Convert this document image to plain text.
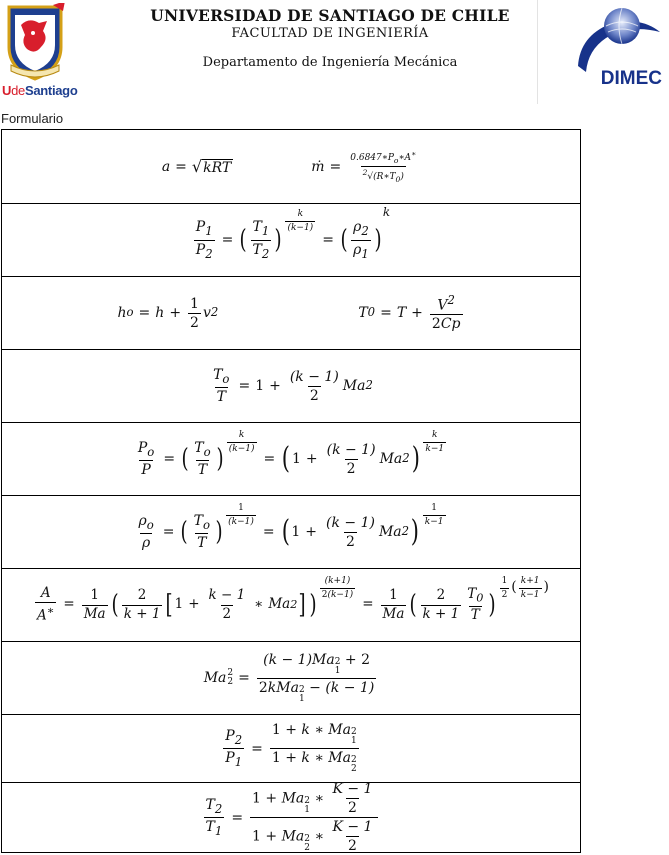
UdeSantiago
UNIVERSIDAD DE SANTIAGO DE CHILE
FACULTAD DE INGENIERÍA
Departamento de Ingeniería Mecánica
DIMEC
Formulario
a = √ kRT	ṁ = $\frac{0.6847∗P_o∗A^∗}{^2√(R∗T_0)}$
$\frac{P_1}{P_2}$ = ( $\frac{T_1}{T_2}$ )
$\frac{k}{(k-1)}$
= ( $\frac{\rho_2}{\rho_1}$ )
k
h $o = h + \frac{1}{2}$ v 2	T $0 = T + \frac{V^2}{2Cp}$
$\frac{T_o}{T} = 1 + \frac{(k - 1)}{2}$ Ma 2
$\frac{P_o}{P}$ = ( $\frac{T_o}{T}$ )
$\frac{k}{(k-1)}$
= ( $1 + \frac{(k - 1)}{2}$ Ma 2 ) $\frac{k}{k-1}$
$\frac{\rho_o}{\rho}$ = ( $\frac{T_o}{T}$ )
$\frac{1}{(k-1)}$
= ( $1 + \frac{(k - 1)}{2}$ Ma 2 ) $\frac{1}{k-1}$
$\frac{A}{A^∗} = \frac{1}{Ma}$ ( $\frac{2}{k + 1}$ [ $1 + \frac{k - 1}{2}$ ∗ Ma 2 ] )
$\frac{(k+1)}{2(k-1)}$
= $\frac{1}{Ma}$ ( $\frac{2}{k + 1} \frac{T_0}{T}$ )
$\frac{1}{2}$ ( $\frac{k+1}{k-1}$ )
Ma 2
2 = (k − 1)Ma 2
1
+ 2
2kMa 2
1
− (k − 1)
$\frac{P_2}{P_1} = 1 + k$ ∗ Ma 2
1
1 + k ∗ Ma 2
2
$\frac{T_2}{T_1} = 1 + Ma$ 2
1
∗ $\frac{K - 1}{2}$
1 + Ma 2
2
∗ $\frac{K - 1}{2}$
